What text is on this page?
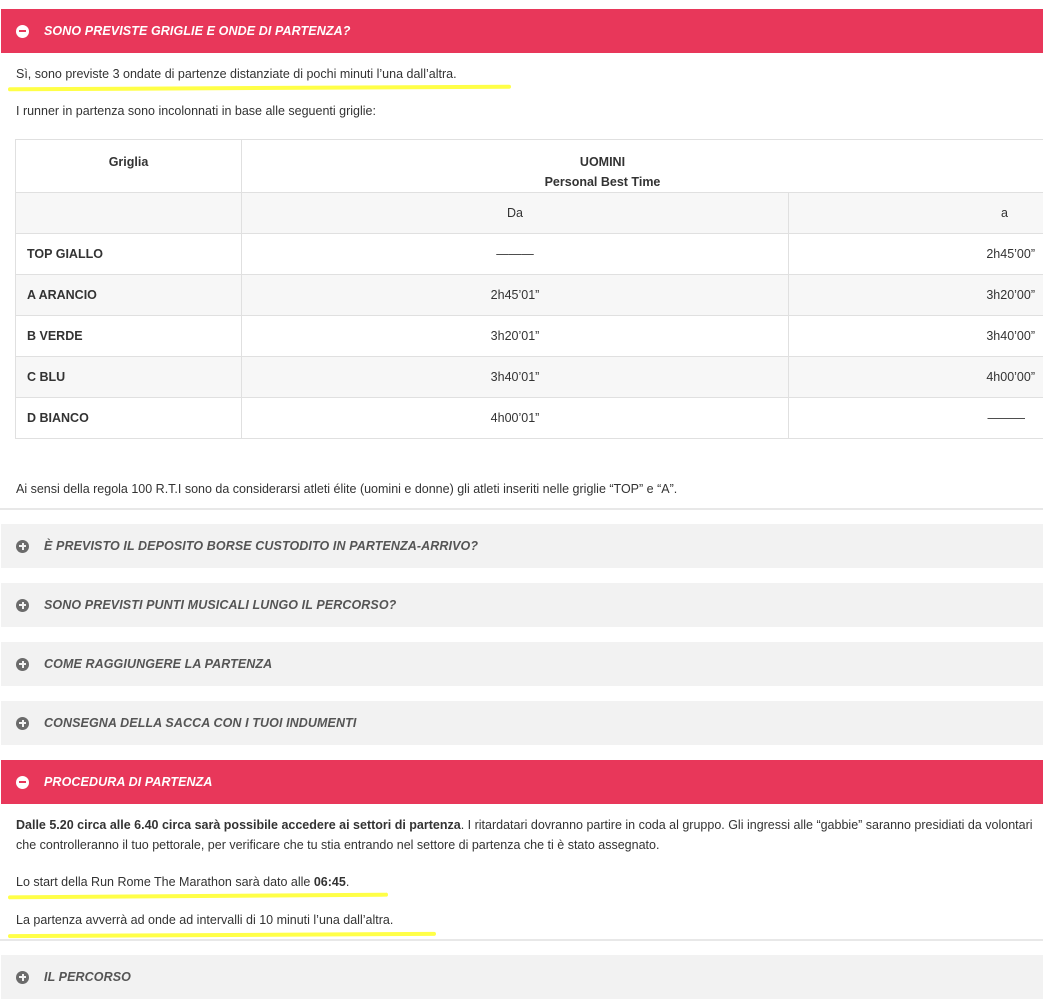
SONO PREVISTE GRIGLIE E ONDE DI PARTENZA?
Sì, sono previste 3 ondate di partenze distanziate di pochi minuti l’una dall’altra.
I runner in partenza sono incolonnati in base alle seguenti griglie:
Griglia	UOMINI
Personal Best Time	

	Da	a
TOP GIALLO	———	2h45’00”
A ARANCIO	2h45’01”	3h20’00”
B VERDE	3h20’01”	3h40’00”
C BLU	3h40’01”	4h00’00”
D BIANCO	4h00’01”	———
Ai sensi della regola 100 R.T.I sono da considerarsi atleti élite (uomini e donne) gli atleti inseriti nelle griglie “TOP” e “A”.
È PREVISTO IL DEPOSITO BORSE CUSTODITO IN PARTENZA-ARRIVO?
SONO PREVISTI PUNTI MUSICALI LUNGO IL PERCORSO?
COME RAGGIUNGERE LA PARTENZA
CONSEGNA DELLA SACCA CON I TUOI INDUMENTI
PROCEDURA DI PARTENZA
Dalle 5.20 circa alle 6.40 circa sarà possibile accedere ai settori di partenza. I ritardatari dovranno partire in coda al gruppo. Gli ingressi alle “gabbie” saranno presidiati da volontari che controlleranno il tuo pettorale, per verificare che tu stia entrando nel settore di partenza che ti è stato assegnato.
Lo start della Run Rome The Marathon sarà dato alle 06:45.
La partenza avverrà ad onde ad intervalli di 10 minuti l’una dall’altra.
IL PERCORSO
